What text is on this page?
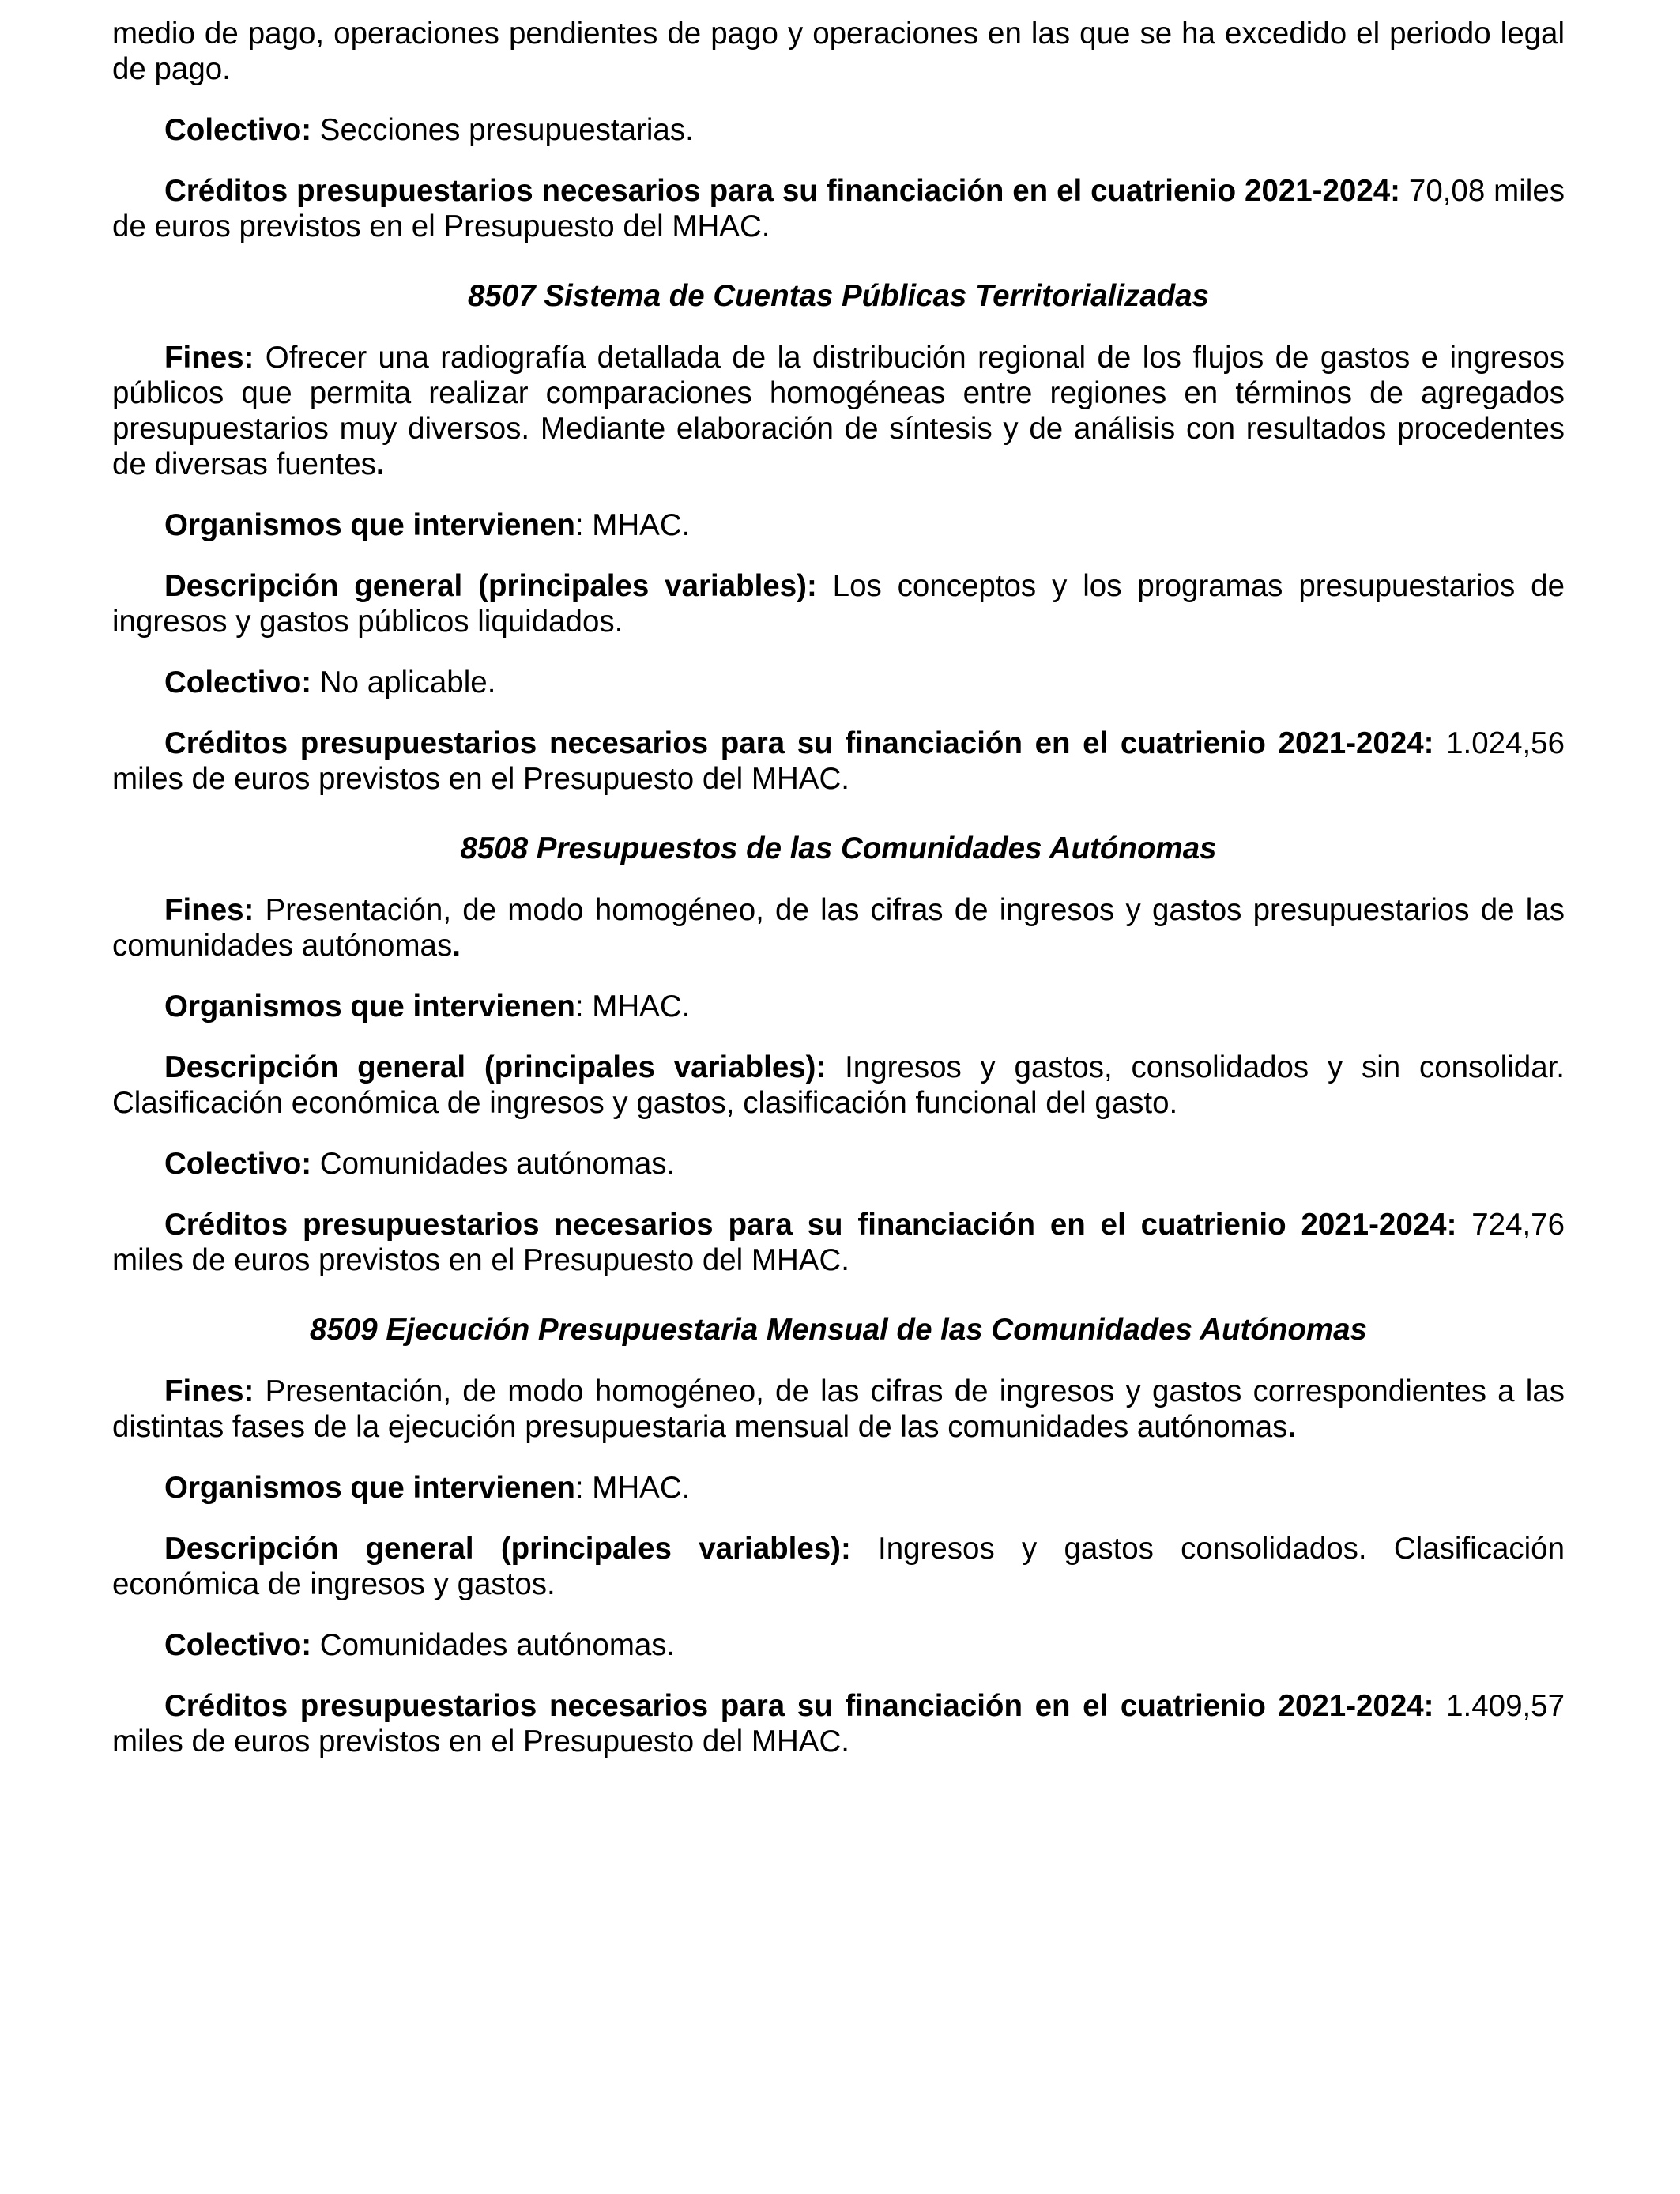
medio de pago, operaciones pendientes de pago y operaciones en las que se ha excedido el periodo legal de pago.

Colectivo: Secciones presupuestarias.

Créditos presupuestarios necesarios para su financiación en el cuatrienio 2021-2024: 70,08 miles de euros previstos en el Presupuesto del MHAC.

8507 Sistema de Cuentas Públicas Territorializadas

Fines: Ofrecer una radiografía detallada de la distribución regional de los flujos de gastos e ingresos públicos que permita realizar comparaciones homogéneas entre regiones en términos de agregados presupuestarios muy diversos. Mediante elaboración de síntesis y de análisis con resultados procedentes de diversas fuentes.

Organismos que intervienen: MHAC.

Descripción general (principales variables): Los conceptos y los programas presupuestarios de ingresos y gastos públicos liquidados.

Colectivo: No aplicable.

Créditos presupuestarios necesarios para su financiación en el cuatrienio 2021-2024: 1.024,56 miles de euros previstos en el Presupuesto del MHAC.

8508 Presupuestos de las Comunidades Autónomas

Fines: Presentación, de modo homogéneo, de las cifras de ingresos y gastos presupuestarios de las comunidades autónomas.

Organismos que intervienen: MHAC.

Descripción general (principales variables): Ingresos y gastos, consolidados y sin consolidar. Clasificación económica de ingresos y gastos, clasificación funcional del gasto.

Colectivo: Comunidades autónomas.

Créditos presupuestarios necesarios para su financiación en el cuatrienio 2021-2024: 724,76 miles de euros previstos en el Presupuesto del MHAC.

8509 Ejecución Presupuestaria Mensual de las Comunidades Autónomas

Fines: Presentación, de modo homogéneo, de las cifras de ingresos y gastos correspondientes a las distintas fases de la ejecución presupuestaria mensual de las comunidades autónomas.

Organismos que intervienen: MHAC.

Descripción general (principales variables): Ingresos y gastos consolidados. Clasificación económica de ingresos y gastos.

Colectivo: Comunidades autónomas.

Créditos presupuestarios necesarios para su financiación en el cuatrienio 2021-2024: 1.409,57 miles de euros previstos en el Presupuesto del MHAC.
